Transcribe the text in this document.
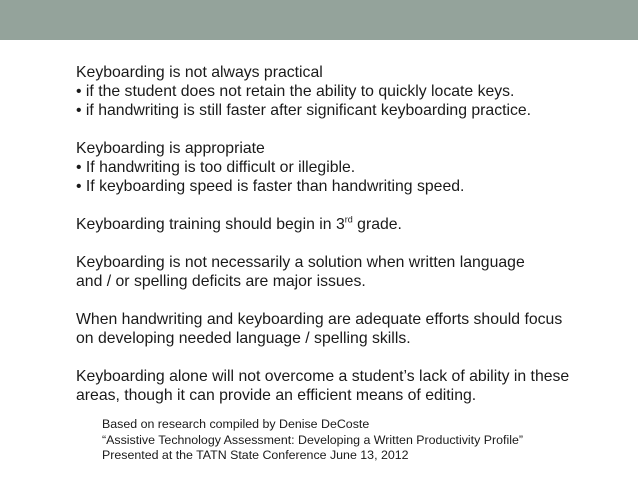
Keyboarding is not always practical
• if the student does not retain the ability to quickly locate keys.
• if handwriting is still faster after significant keyboarding practice.
Keyboarding is appropriate
• If handwriting is too difficult or illegible.
• If keyboarding speed is faster than handwriting speed.
Keyboarding training should begin in 3rd grade.
Keyboarding is not necessarily a solution when written language
and / or spelling deficits are major issues.
When handwriting and keyboarding are adequate efforts should focus
on developing needed language / spelling skills.
Keyboarding alone will not overcome a student’s lack of ability in these
areas, though it can provide an efficient means of editing.
Based on research compiled by Denise DeCoste
“Assistive Technology Assessment: Developing a Written Productivity Profile”
Presented at the TATN State Conference June 13, 2012
